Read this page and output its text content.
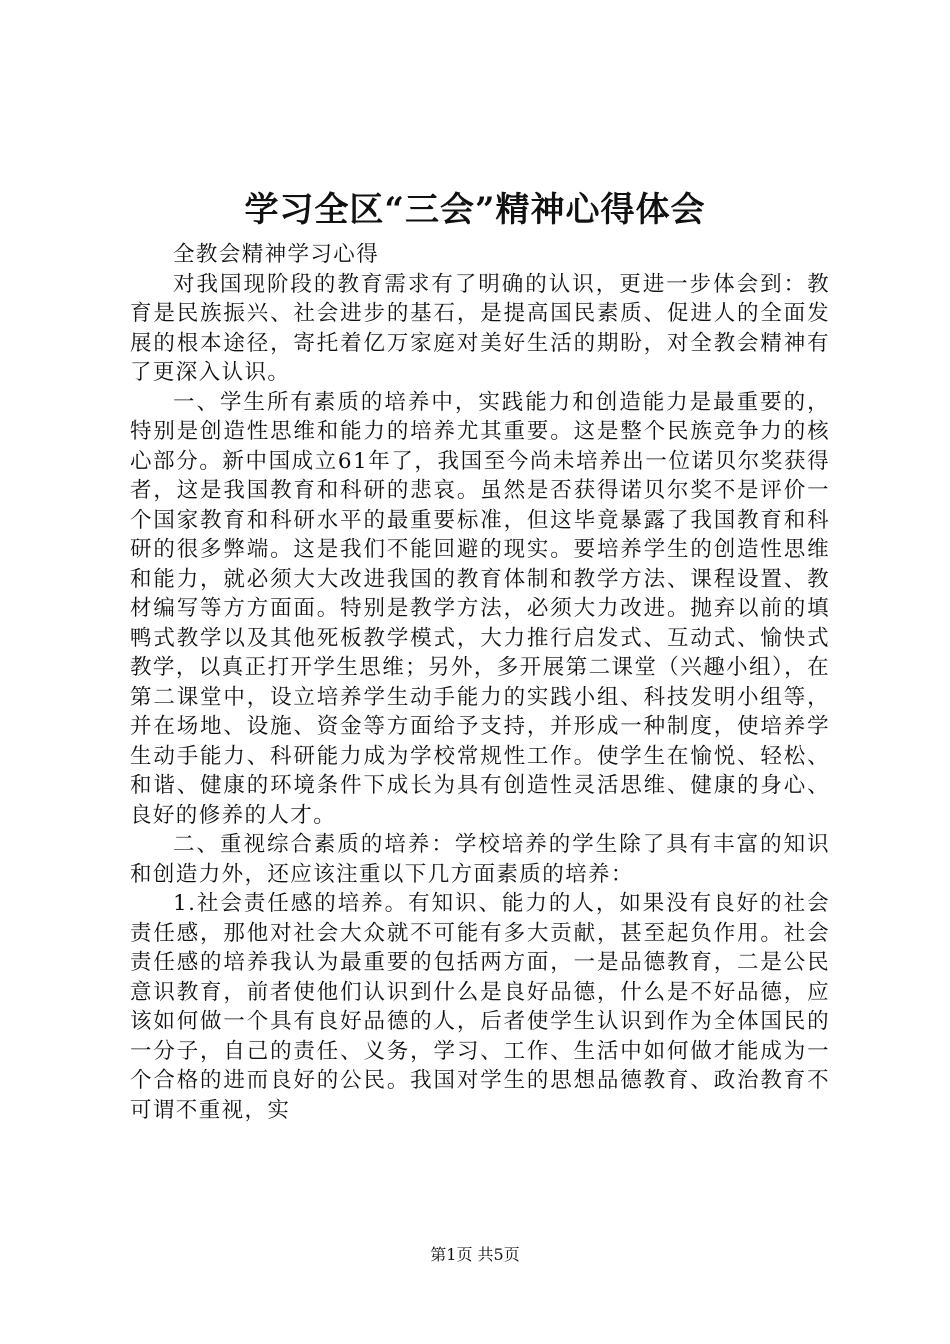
学习全区“三会”精神心得体会

全教会精神学习心得

对我国现阶段的教育需求有了明确的认识，更进一步体会到：教育是民族振兴、社会进步的基石，是提高国民素质、促进人的全面发展的根本途径，寄托着亿万家庭对美好生活的期盼，对全教会精神有了更深入认识。

一、学生所有素质的培养中，实践能力和创造能力是最重要的，特别是创造性思维和能力的培养尤其重要。这是整个民族竞争力的核心部分。新中国成立61年了，我国至今尚未培养出一位诺贝尔奖获得者，这是我国教育和科研的悲哀。虽然是否获得诺贝尔奖不是评价一个国家教育和科研水平的最重要标准，但这毕竟暴露了我国教育和科研的很多弊端。这是我们不能回避的现实。要培养学生的创造性思维和能力，就必须大大改进我国的教育体制和教学方法、课程设置、教材编写等方方面面。特别是教学方法，必须大力改进。抛弃以前的填鸭式教学以及其他死板教学模式，大力推行启发式、互动式、愉快式教学，以真正打开学生思维；另外，多开展第二课堂（兴趣小组），在第二课堂中，设立培养学生动手能力的实践小组、科技发明小组等，并在场地、设施、资金等方面给予支持，并形成一种制度，使培养学生动手能力、科研能力成为学校常规性工作。使学生在愉悦、轻松、和谐、健康的环境条件下成长为具有创造性灵活思维、健康的身心、良好的修养的人才。

二、重视综合素质的培养：学校培养的学生除了具有丰富的知识和创造力外，还应该注重以下几方面素质的培养：

1.社会责任感的培养。有知识、能力的人，如果没有良好的社会责任感，那他对社会大众就不可能有多大贡献，甚至起负作用。社会责任感的培养我认为最重要的包括两方面，一是品德教育，二是公民意识教育，前者使他们认识到什么是良好品德，什么是不好品德，应该如何做一个具有良好品德的人，后者使学生认识到作为全体国民的一分子，自己的责任、义务，学习、工作、生活中如何做才能成为一个合格的进而良好的公民。我国对学生的思想品德教育、政治教育不可谓不重视，实

第1页 共5页
